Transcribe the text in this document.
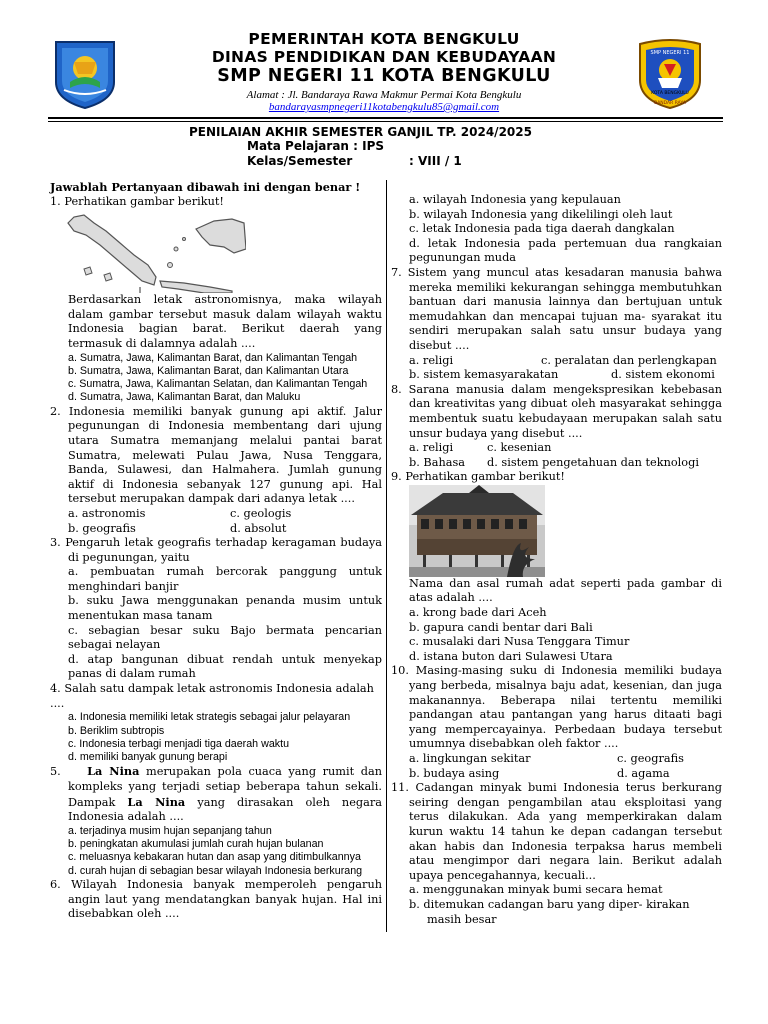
SMP NEGERI 11
KOTA BENGKULU
BANDAR RAYA
PEMERINTAH KOTA BENGKULU
DINAS PENDIDIKAN DAN KEBUDAYAAN
SMP NEGERI 11 KOTA BENGKULU
Alamat : Jl. Bandaraya Rawa Makmur Permai Kota Bengkulu
bandarayasmpnegeri11kotabengkulu85@gmail.com
PENILAIAN AKHIR SEMESTER GANJIL TP. 2024/2025
Mata Pelajaran : IPS
Kelas/Semester	: VIII / 1
Jawablah Pertanyaan dibawah ini dengan benar !
1. Perhatikan gambar berikut!
Berdasarkan letak astronomisnya, maka wilayah dalam gambar tersebut masuk dalam wilayah waktu Indonesia bagian barat. Berikut daerah yang termasuk di dalamnya adalah ....
a. Sumatra, Jawa, Kalimantan Barat, dan Kalimantan Tengah
b. Sumatra, Jawa, Kalimantan Barat, dan Kalimantan Utara
c. Sumatra, Jawa, Kalimantan Selatan, dan Kalimantan Tengah
d. Sumatra, Jawa, Kalimantan Barat, dan Maluku
2. Indonesia memiliki banyak gunung api aktif. Jalur pegunungan di Indonesia membentang dari ujung utara Sumatra memanjang melalui pantai barat Sumatra, melewati Pulau Jawa, Nusa Tenggara, Banda, Sulawesi, dan Halmahera. Jumlah gunung aktif di Indonesia sebanyak 127 gunung api. Hal tersebut merupakan dampak dari adanya letak ....
a. astronomis	c. geologis
b. geografis	d. absolut
3. Pengaruh letak geografis terhadap keragaman budaya di pegunungan, yaitu
a. pembuatan rumah bercorak panggung untuk menghindari banjir
b. suku Jawa menggunakan penanda musim untuk menentukan masa tanam
c. sebagian besar suku Bajo bermata pencarian sebagai nelayan
d. atap bangunan dibuat rendah untuk menyekap panas di dalam rumah
4. Salah satu dampak letak astronomis Indonesia adalah ....
a. Indonesia memiliki letak strategis sebagai jalur pelayaran
b. Beriklim subtropis
c. Indonesia terbagi menjadi tiga daerah waktu
d. memiliki banyak gunung berapi
5. La Nina merupakan pola cuaca yang rumit dan kompleks yang terjadi setiap beberapa tahun sekali. Dampak La Nina yang dirasakan oleh negara Indonesia adalah ....
a. terjadinya musim hujan sepanjang tahun
b. peningkatan akumulasi jumlah curah hujan bulanan
c. meluasnya kebakaran hutan dan asap yang ditimbulkannya
d. curah hujan di sebagian besar wilayah Indonesia berkurang
6. Wilayah Indonesia banyak memperoleh pengaruh angin laut yang mendatangkan banyak hujan. Hal ini disebabkan oleh ....
a. wilayah Indonesia yang kepulauan
b. wilayah Indonesia yang dikelilingi oleh laut
c. letak Indonesia pada tiga daerah dangkalan
d. letak Indonesia pada pertemuan dua rangkaian pegunungan muda
7. Sistem yang muncul atas kesadaran manusia bahwa mereka memiliki kekurangan sehingga membutuhkan bantuan dari manusia lainnya dan bertujuan untuk memudahkan dan mencapai tujuan ma- syarakat itu sendiri merupakan salah satu unsur budaya yang disebut ....
a. religi	c. peralatan dan perlengkapan
b. sistem kemasyarakatan	d. sistem ekonomi
8. Sarana manusia dalam mengekspresikan kebebasan dan kreativitas yang dibuat oleh masyarakat sehingga membentuk suatu kebudayaan merupakan salah satu unsur budaya yang disebut ....
a. religi	c. kesenian
b. Bahasa	d. sistem pengetahuan dan teknologi
9. Perhatikan gambar berikut!
Nama dan asal rumah adat seperti pada gambar di atas adalah ....
a. krong bade dari Aceh
b. gapura candi bentar dari Bali
c. musalaki dari Nusa Tenggara Timur
d. istana buton dari Sulawesi Utara
10. Masing-masing suku di Indonesia memiliki budaya yang berbeda, misalnya baju adat, kesenian, dan juga makanannya. Beberapa nilai tertentu memiliki pandangan atau pantangan yang harus ditaati bagi yang mempercayainya. Perbedaan budaya tersebut umumnya disebabkan oleh faktor ....
a. lingkungan sekitar	c. geografis
b. budaya asing	d. agama
11. Cadangan minyak bumi Indonesia terus berkurang seiring dengan pengambilan atau eksploitasi yang terus dilakukan. Ada yang memperkirakan dalam kurun waktu 14 tahun ke depan cadangan tersebut akan habis dan Indonesia terpaksa harus membeli atau mengimpor dari negara lain. Berikut adalah upaya pencegahannya, kecuali...
a. menggunakan minyak bumi secara hemat
b. ditemukan cadangan baru yang diper- kirakan masih besar
